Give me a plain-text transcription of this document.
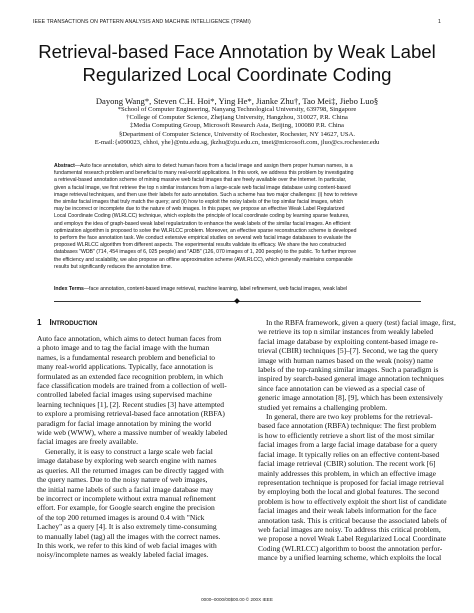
IEEE TRANSACTIONS ON PATTERN ANALYSIS AND MACHINE INTELLIGENCE (TPAMI)	1
Retrieval-based Face Annotation by Weak Label
Regularized Local Coordinate Coding
Dayong Wang*, Steven C.H. Hoi*, Ying He*, Jianke Zhu†, Tao Mei‡, Jiebo Luo§
*School of Computer Engineering, Nanyang Technological University, 639798, Singapore
†College of Computer Science, Zhejiang University, Hangzhou, 310027, P.R. China
‡Media Computing Group, Microsoft Research Asia, Beijing, 100080 P.R. China
§Department of Computer Science, University of Rochester, Rochester, NY 14627, USA.
E-mail:{s090023, chhoi, yhe}@ntu.edu.sg, jkzhu@zju.edu.cn, tmei@microsoft.com, jluo@cs.rochester.edu
Abstract—Auto face annotation, which aims to detect human faces from a facial image and assign them proper human names, is a
fundamental research problem and beneficial to many real-world applications. In this work, we address this problem by investigating
a retrieval-based annotation scheme of mining massive web facial images that are freely available over the Internet. In particular,
given a facial image, we first retrieve the top n similar instances from a large-scale web facial image database using content-based
image retrieval techniques, and then use their labels for auto annotation. Such a scheme has two major challenges: (i) how to retrieve
the similar facial images that truly match the query; and (ii) how to exploit the noisy labels of the top similar facial images, which
may be incorrect or incomplete due to the nature of web images. In this paper, we propose an effective Weak Label Regularized
Local Coordinate Coding (WLRLCC) technique, which exploits the principle of local coordinate coding by learning sparse features,
and employs the idea of graph-based weak label regularization to enhance the weak labels of the similar facial images. An efficient
optimization algorithm is proposed to solve the WLRLCC problem. Moreover, an effective sparse reconstruction scheme is developed
to perform the face annotation task. We conduct extensive empirical studies on several web facial image databases to evaluate the
proposed WLRLCC algorithm from different aspects. The experimental results validate its efficacy. We share the two constructed
databases "WDB" (714, 454 images of 6, 025 people) and "ADB" (126, 070 images of 1, 200 people) to the public. To further improve
the efficiency and scalability, we also propose an offline approximation scheme (AWLRLCC), which generally maintains comparable
results but significantly reduces the annotation time.
Index Terms—face annotation, content-based image retrieval, machine learning, label refinement, web facial images, weak label
1  INTRODUCTION
Auto face annotation, which aims to detect human faces from
a photo image and to tag the facial image with the human
names, is a fundamental research problem and beneficial to
many real-world applications. Typically, face annotation is
formulated as an extended face recognition problem, in which
face classification models are trained from a collection of well-
controlled labeled facial images using supervised machine
learning techniques [1], [2]. Recent studies [3] have attempted
to explore a promising retrieval-based face annotation (RBFA)
paradigm for facial image annotation by mining the world
wide web (WWW), where a massive number of weakly labeled
facial images are freely available.
Generally, it is easy to construct a large scale web facial
image database by exploring web search engine with names
as queries. All the returned images can be directly tagged with
the query names. Due to the noisy nature of web images,
the initial name labels of such a facial image database may
be incorrect or incomplete without extra manual refinement
effort. For example, for Google search engine the precision
of the top 200 returned images is around 0.4 with "Nick
Lachey" as a query [4]. It is also extremely time-consuming
to manually label (tag) all the images with the correct names.
In this work, we refer to this kind of web facial images with
noisy/incomplete names as weakly labeled facial images.
In the RBFA framework, given a query (test) facial image, first,
we retrieve its top n similar instances from weakly labeled
facial image database by exploiting content-based image re-
trieval (CBIR) techniques [5]–[7]. Second, we tag the query
image with human names based on the weak (noisy) name
labels of the top-ranking similar images. Such a paradigm is
inspired by search-based general image annotation techniques
since face annotation can be viewed as a special case of
generic image annotation [8], [9], which has been extensively
studied yet remains a challenging problem.
In general, there are two key problems for the retrieval-
based face annotation (RBFA) technique: The first problem
is how to efficiently retrieve a short list of the most similar
facial images from a large facial image database for a query
facial image. It typically relies on an effective content-based
facial image retrieval (CBIR) solution. The recent work [6]
mainly addresses this problem, in which an effective image
representation technique is proposed for facial image retrieval
by employing both the local and global features. The second
problem is how to effectively exploit the short list of candidate
facial images and their weak labels information for the face
annotation task. This is critical because the associated labels of
web facial images are noisy. To address this critical problem,
we propose a novel Weak Label Regularized Local Coordinate
Coding (WLRLCC) algorithm to boost the annotation perfor-
mance by a unified learning scheme, which exploits the local
0000–0000/00$00.00 © 200X IEEE
